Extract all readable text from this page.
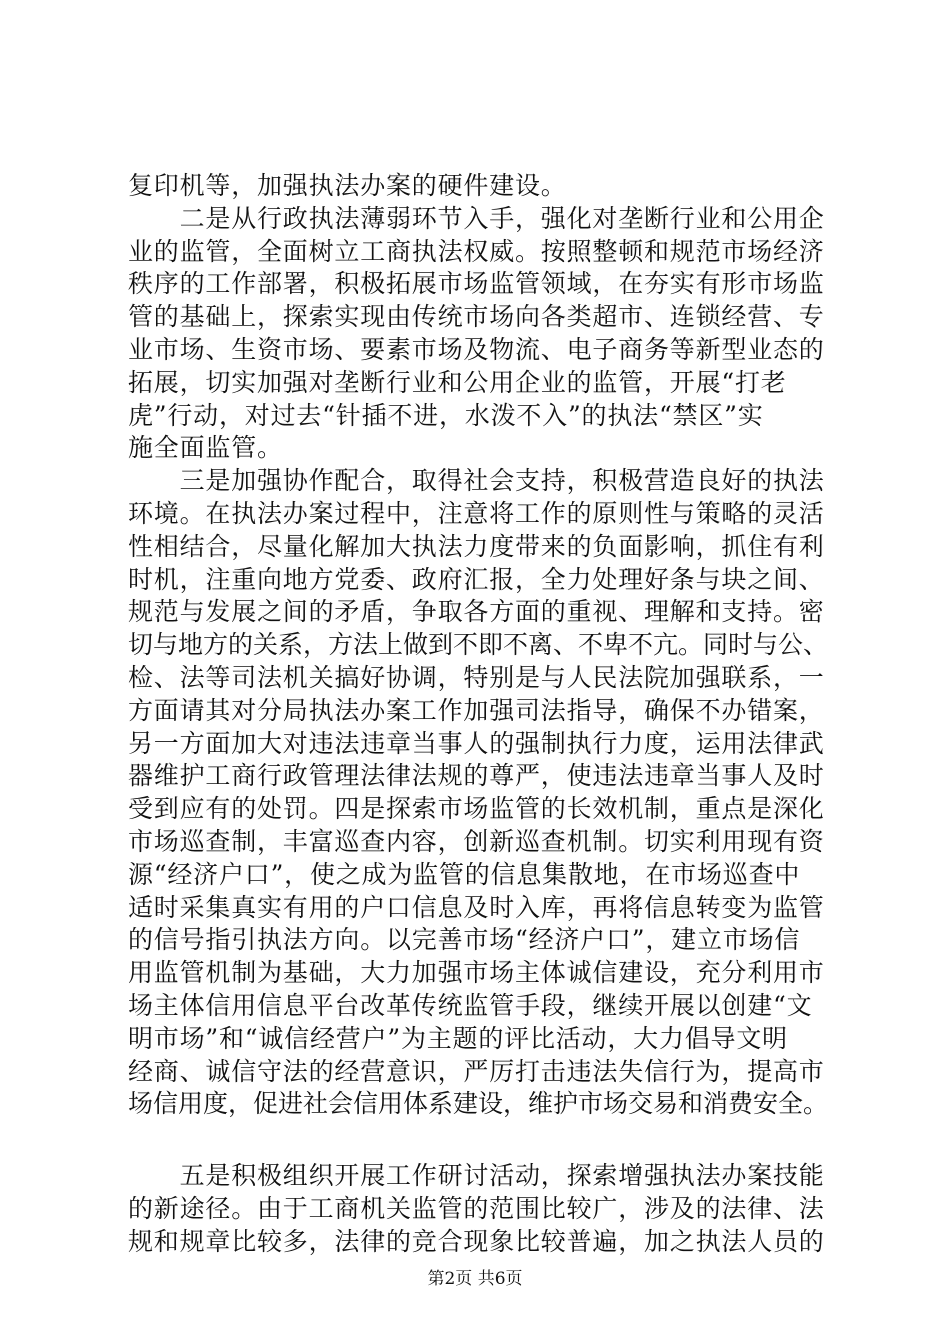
复印机等，加强执法办案的硬件建设。
　　二是从行政执法薄弱环节入手，强化对垄断行业和公用企
业的监管，全面树立工商执法权威。按照整顿和规范市场经济
秩序的工作部署，积极拓展市场监管领域，在夯实有形市场监
管的基础上，探索实现由传统市场向各类超市、连锁经营、专
业市场、生资市场、要素市场及物流、电子商务等新型业态的
拓展，切实加强对垄断行业和公用企业的监管，开展“打老
虎”行动，对过去“针插不进，水泼不入”的执法“禁区”实
施全面监管。
　　三是加强协作配合，取得社会支持，积极营造良好的执法
环境。在执法办案过程中，注意将工作的原则性与策略的灵活
性相结合，尽量化解加大执法力度带来的负面影响，抓住有利
时机，注重向地方党委、政府汇报，全力处理好条与块之间、
规范与发展之间的矛盾，争取各方面的重视、理解和支持。密
切与地方的关系，方法上做到不即不离、不卑不亢。同时与公、
检、法等司法机关搞好协调，特别是与人民法院加强联系，一
方面请其对分局执法办案工作加强司法指导，确保不办错案，
另一方面加大对违法违章当事人的强制执行力度，运用法律武
器维护工商行政管理法律法规的尊严，使违法违章当事人及时
受到应有的处罚。四是探索市场监管的长效机制，重点是深化
市场巡查制，丰富巡查内容，创新巡查机制。切实利用现有资
源“经济户口”，使之成为监管的信息集散地，在市场巡查中
适时采集真实有用的户口信息及时入库，再将信息转变为监管
的信号指引执法方向。以完善市场“经济户口”，建立市场信
用监管机制为基础，大力加强市场主体诚信建设，充分利用市
场主体信用信息平台改革传统监管手段，继续开展以创建“文
明市场”和“诚信经营户”为主题的评比活动，大力倡导文明
经商、诚信守法的经营意识，严厉打击违法失信行为，提高市
场信用度，促进社会信用体系建设，维护市场交易和消费安全。
　　五是积极组织开展工作研讨活动，探索增强执法办案技能
的新途径。由于工商机关监管的范围比较广，涉及的法律、法
规和规章比较多，法律的竞合现象比较普遍，加之执法人员的
第2页 共6页
